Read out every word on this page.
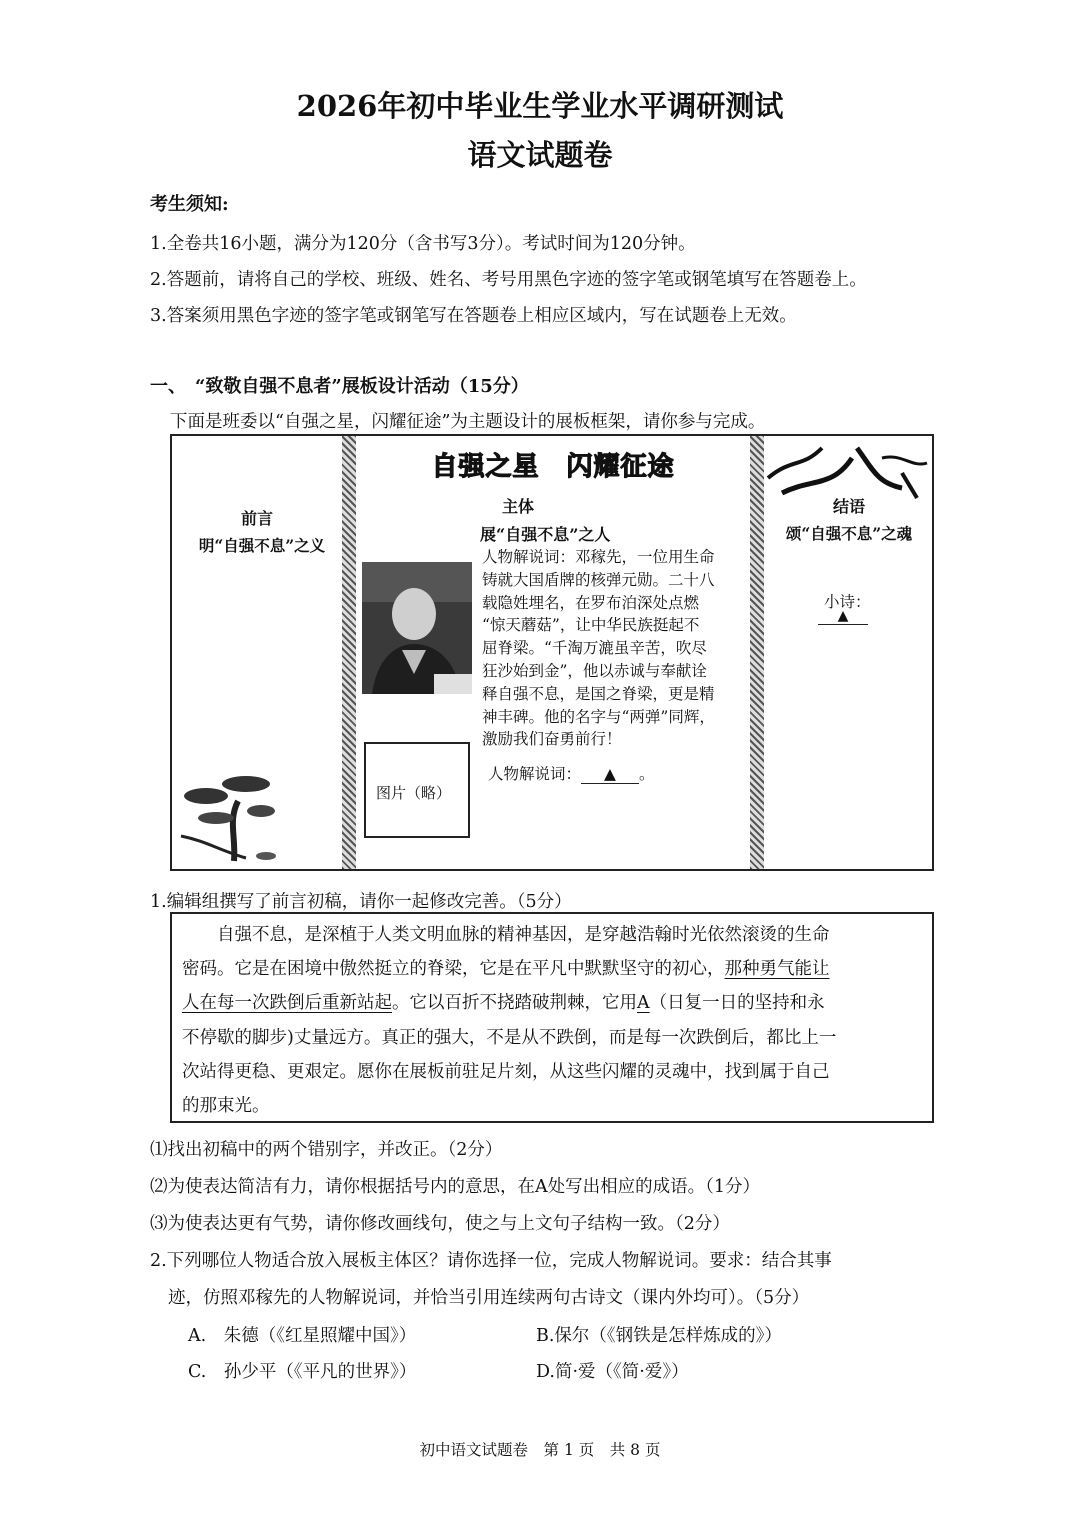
2026年初中毕业生学业水平调研测试
语文试题卷
考生须知:
1.全卷共16小题，满分为120分（含书写3分）。考试时间为120分钟。
2.答题前，请将自己的学校、班级、姓名、考号用黑色字迹的签字笔或钢笔填写在答题卷上。
3.答案须用黑色字迹的签字笔或钢笔写在答题卷上相应区域内，写在试题卷上无效。
一、　“致敬自强不息者”展板设计活动（15分）
下面是班委以“自强之星，闪耀征途”为主题设计的展板框架，请你参与完成。
前言
明“自强不息”之义
自强之星　闪耀征途
主体
展“自强不息”之人
人物解说词：邓稼先，一位用生命
铸就大国盾牌的核弹元勋。二十八
载隐姓埋名，在罗布泊深处点燃
“惊天蘑菇”，让中华民族挺起不
屈脊梁。“千淘万漉虽辛苦，吹尽
狂沙始到金”，他以赤诚与奉献诠
释自强不息，是国之脊梁，更是精
神丰碑。他的名字与“两弹”同辉，
激励我们奋勇前行！
图片（略）
人物解说词： ▲ 。
结语
颂“自强不息”之魂
小诗：
▲
1.编辑组撰写了前言初稿，请你一起修改完善。（5分）

　　自强不息，是深植于人类文明血脉的精神基因，是穿越浩翰时光依然滚烫的生命

密码。它是在困境中傲然挺立的脊梁，它是在平凡中默默坚守的初心，那种勇气能让

人在每一次跌倒后重新站起。它以百折不挠踏破荆棘，它用A（日复一日的坚持和永

不停歇的脚步)丈量远方。真正的强大，不是从不跌倒，而是每一次跌倒后，都比上一

次站得更稳、更艰定。愿你在展板前驻足片刻，从这些闪耀的灵魂中，找到属于自己

的那束光。

⑴找出初稿中的两个错别字，并改正。（2分）
⑵为使表达简洁有力，请你根据括号内的意思，在A处写出相应的成语。（1分）
⑶为使表达更有气势，请你修改画线句，使之与上文句子结构一致。（2分）
2.下列哪位人物适合放入展板主体区？请你选择一位，完成人物解说词。要求：结合其事
迹，仿照邓稼先的人物解说词，并恰当引用连续两句古诗文（课内外均可）。（5分）
A.　朱德（《红星照耀中国》）	B.保尔（《钢铁是怎样炼成的》）
C.　孙少平（《平凡的世界》）	D.简·爱（《简·爱》）
初中语文试题卷　第 1 页　共 8 页
